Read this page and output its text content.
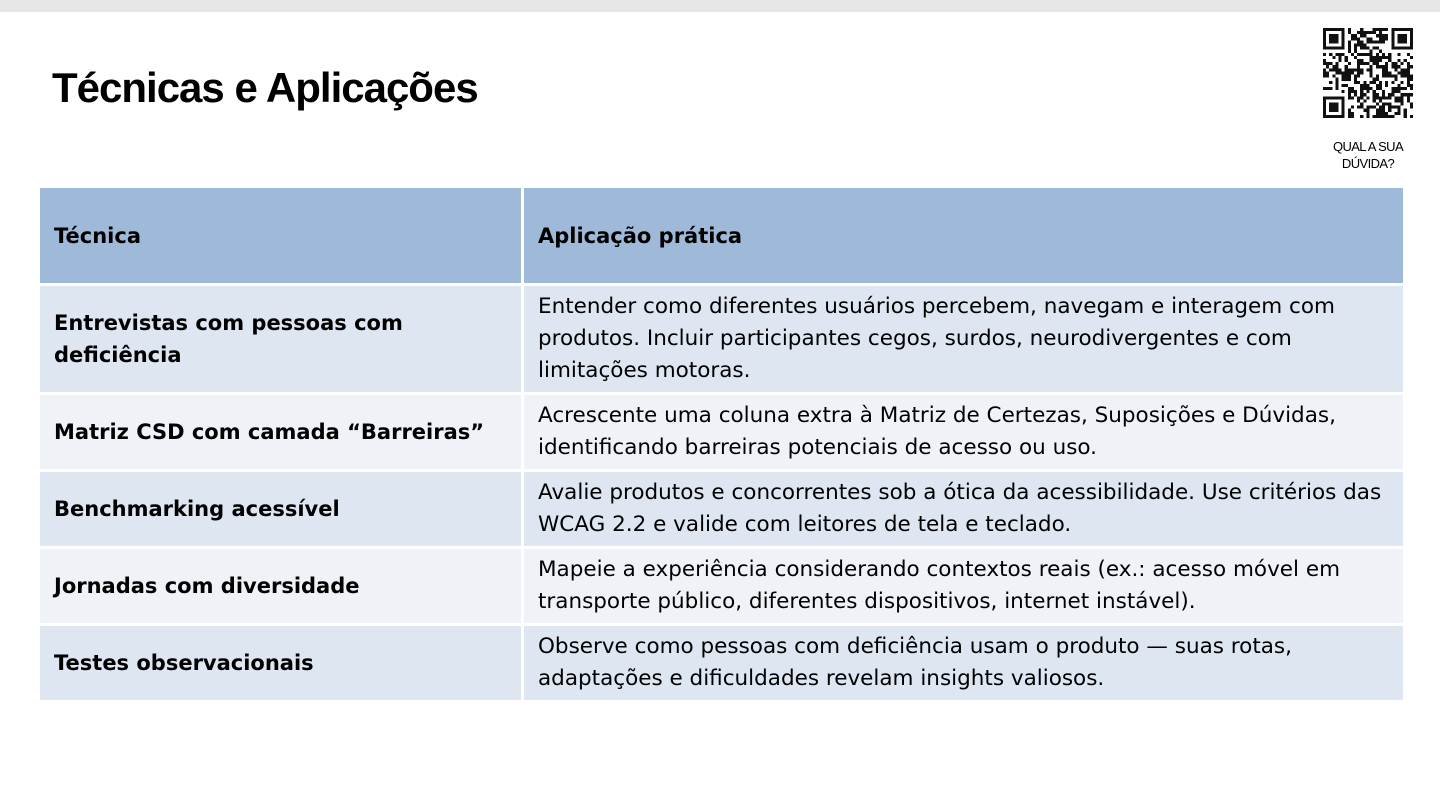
Técnicas e Aplicações
QUAL A SUA
DÚVIDA?
Técnica	Aplicação prática
Entrevistas com pessoas com deficiência	Entender como diferentes usuários percebem, navegam e interagem com produtos. Incluir participantes cegos, surdos, neurodivergentes e com limitações motoras.
Matriz CSD com camada “Barreiras”	Acrescente uma coluna extra à Matriz de Certezas, Suposições e Dúvidas, identificando barreiras potenciais de acesso ou uso.
Benchmarking acessível	Avalie produtos e concorrentes sob a ótica da acessibilidade. Use critérios das WCAG 2.2 e valide com leitores de tela e teclado.
Jornadas com diversidade	Mapeie a experiência considerando contextos reais (ex.: acesso móvel em transporte público, diferentes dispositivos, internet instável).
Testes observacionais	Observe como pessoas com deficiência usam o produto — suas rotas, adaptações e dificuldades revelam insights valiosos.
